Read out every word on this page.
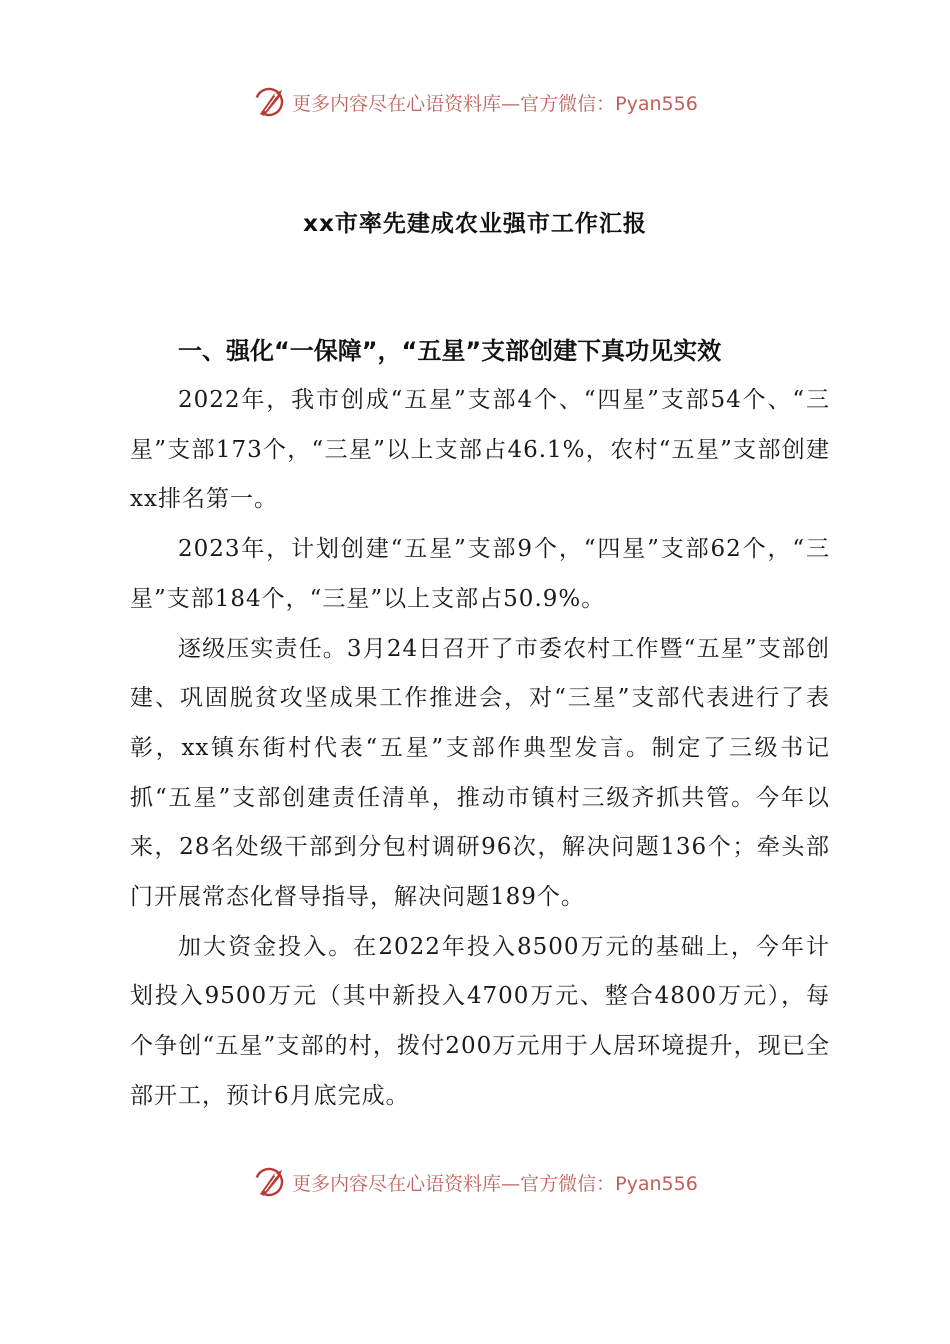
更多内容尽在心语资料库—官方微信：Pyan556
xx市率先建成农业强市工作汇报

一、强化“一保障”，“五星”支部创建下真功见实效

2022年，我市创成“五星”支部4个、“四星”支部54个、“三星”支部173个，“三星”以上支部占46.1%，农村“五星”支部创建xx排名第一。

2023年，计划创建“五星”支部9个，“四星”支部62个，“三星”支部184个，“三星”以上支部占50.9%。

逐级压实责任。3月24日召开了市委农村工作暨“五星”支部创建、巩固脱贫攻坚成果工作推进会，对“三星”支部代表进行了表彰，xx镇东街村代表“五星”支部作典型发言。制定了三级书记抓“五星”支部创建责任清单，推动市镇村三级齐抓共管。今年以来，28名处级干部到分包村调研96次，解决问题136个；牵头部门开展常态化督导指导，解决问题189个。

加大资金投入。在2022年投入8500万元的基础上，今年计划投入9500万元（其中新投入4700万元、整合4800万元），每个争创“五星”支部的村，拨付200万元用于人居环境提升，现已全部开工，预计6月底完成。

更多内容尽在心语资料库—官方微信：Pyan556
